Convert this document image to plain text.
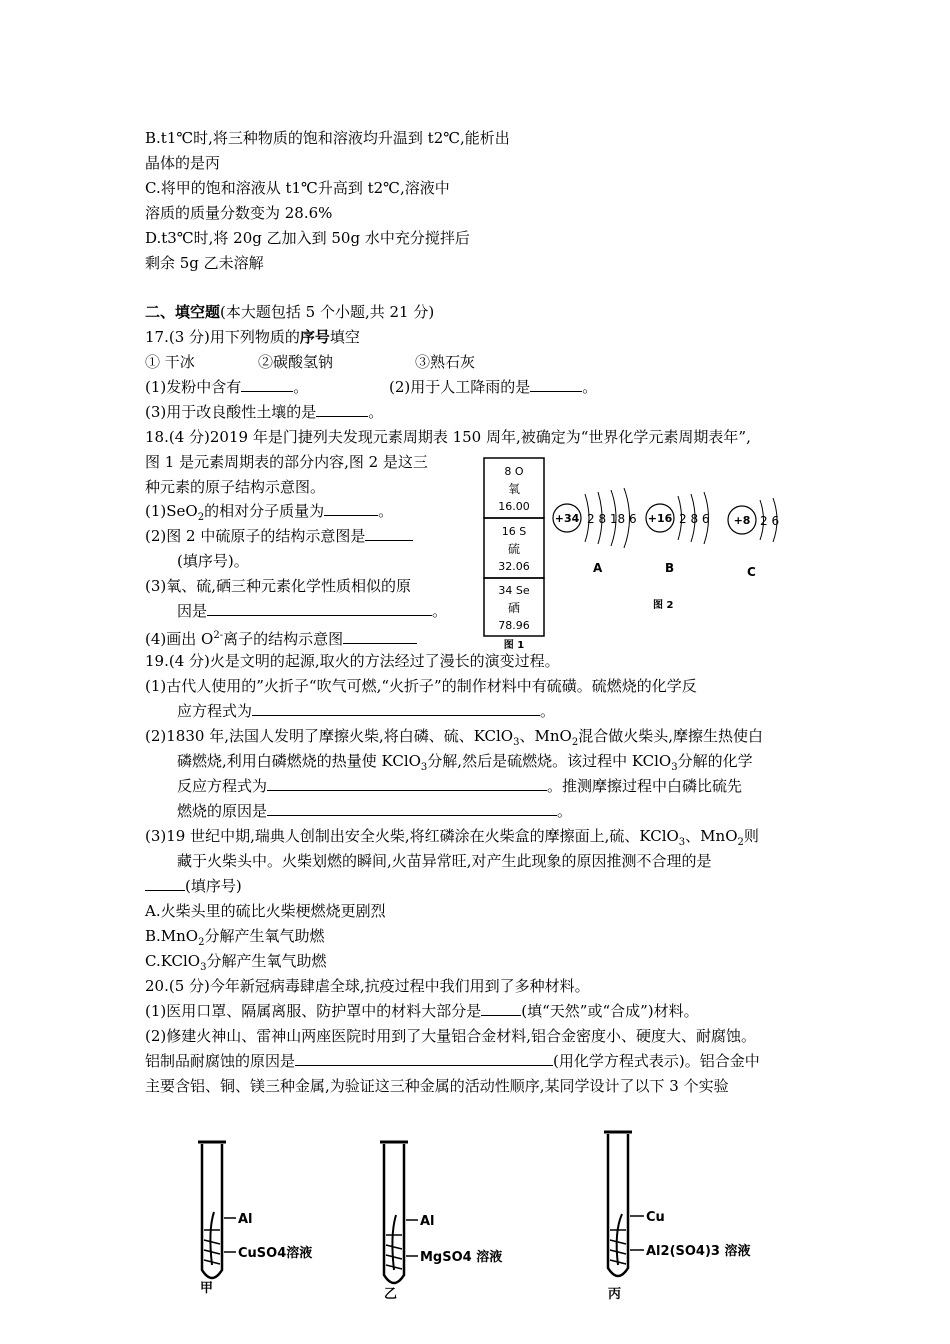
B.t1℃时,将三种物质的饱和溶液均升温到 t2℃,能析出
晶体的是丙
C.将甲的饱和溶液从 t1℃升高到 t2℃,溶液中
溶质的质量分数变为 28.6%
D.t3℃时,将 20g 乙加入到 50g 水中充分搅拌后
剩余 5g 乙未溶解
二、填空题(本大题包括 5 个小题,共 21 分)
17.(3 分)用下列物质的序号填空
① 干冰	②碳酸氢钠	③熟石灰
(1)发粉中含有	。	(2)用于人工降雨的是	。
(3)用于改良酸性土壤的是	。
18.(4 分)2019 年是门捷列夫发现元素周期表 150 周年,被确定为“世界化学元素周期表年”,
图 1 是元素周期表的部分内容,图 2 是这三
种元素的原子结构示意图。
(1)SeO$_2$的相对分子质量为	。
(2)图 2 中硫原子的结构示意图是
(填序号)。
(3)氧、硫,硒三种元素化学性质相似的原
因是	。
(4)画出 $O^{2-}$离子的结构示意图
8 O
氧
16.00
16 S
硫
32.06
34 Se
硒
78.96
图 1
+34 2 8 18 6
A
+16 2 8 6
B
+8 2 6
C
图 2
19.(4 分)火是文明的起源,取火的方法经过了漫长的演变过程。
(1)古代人使用的”火折子“吹气可燃,“火折子”的制作材料中有硫磺。硫燃烧的化学反
应方程式为	。
(2)1830 年,法国人发明了摩擦火柴,将白磷、硫、KClO$_3$、MnO$_2$混合做火柴头,摩擦生热使白
磷燃烧,利用白磷燃烧的热量使 KClO$_3$分解,然后是硫燃烧。该过程中 KClO$_3$分解的化学
反应方程式为	。推测摩擦过程中白磷比硫先
燃烧的原因是	。
(3)19 世纪中期,瑞典人创制出安全火柴,将红磷涂在火柴盒的摩擦面上,硫、KClO$_3$、MnO$_2$则
藏于火柴头中。火柴划燃的瞬间,火苗异常旺,对产生此现象的原因推测不合理的是
(填序号)
A.火柴头里的硫比火柴梗燃烧更剧烈
B.MnO$_2$分解产生氧气助燃
C.KClO$_3$分解产生氧气助燃
20.(5 分)今年新冠病毒肆虐全球,抗疫过程中我们用到了多种材料。
(1)医用口罩、隔属离服、防护罩中的材料大部分是	(填“天然”或“合成”)材料。
(2)修建火神山、雷神山两座医院时用到了大量铝合金材料,铝合金密度小、硬度大、耐腐蚀。
铝制品耐腐蚀的原因是	(用化学方程式表示)。铝合金中
主要含铝、铜、镁三种金属,为验证这三种金属的活动性顺序,某同学设计了以下 3 个实验
Al
CuSO4溶液
甲
Al
MgSO4 溶液
乙
Cu
Al2(SO4)3 溶液
丙
